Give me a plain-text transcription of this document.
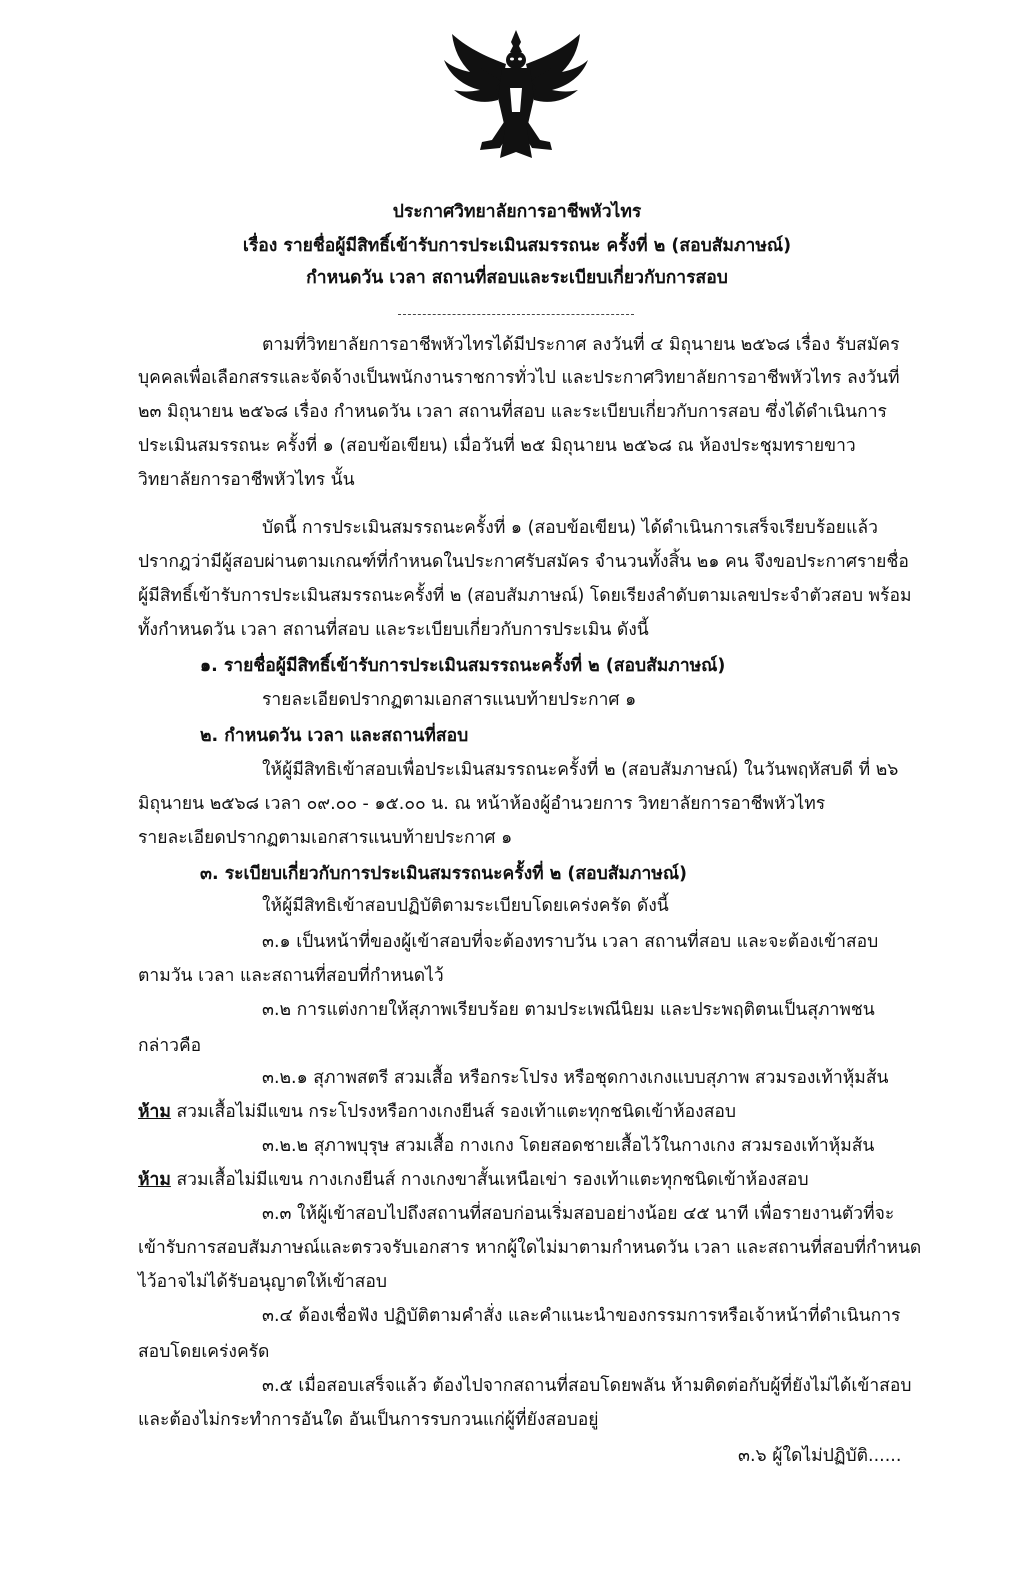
ประกาศวิทยาลัยการอาชีพหัวไทร
เรื่อง รายชื่อผู้มีสิทธิ์เข้ารับการประเมินสมรรถนะ ครั้งที่ ๒ (สอบสัมภาษณ์)
กำหนดวัน เวลา สถานที่สอบและระเบียบเกี่ยวกับการสอบ
ตามที่วิทยาลัยการอาชีพหัวไทรได้มีประกาศ ลงวันที่ ๔ มิถุนายน ๒๕๖๘ เรื่อง รับสมัคร
บุคคลเพื่อเลือกสรรและจัดจ้างเป็นพนักงานราชการทั่วไป และประกาศวิทยาลัยการอาชีพหัวไทร ลงวันที่
๒๓ มิถุนายน ๒๕๖๘ เรื่อง กำหนดวัน เวลา สถานที่สอบ และระเบียบเกี่ยวกับการสอบ ซึ่งได้ดำเนินการ
ประเมินสมรรถนะ ครั้งที่ ๑ (สอบข้อเขียน) เมื่อวันที่ ๒๕ มิถุนายน ๒๕๖๘ ณ ห้องประชุมทรายขาว
วิทยาลัยการอาชีพหัวไทร นั้น
บัดนี้ การประเมินสมรรถนะครั้งที่ ๑ (สอบข้อเขียน) ได้ดำเนินการเสร็จเรียบร้อยแล้ว
ปรากฎว่ามีผู้สอบผ่านตามเกณฑ์ที่กำหนดในประกาศรับสมัคร จำนวนทั้งสิ้น ๒๑ คน จึงขอประกาศรายชื่อ
ผู้มีสิทธิ์เข้ารับการประเมินสมรรถนะครั้งที่ ๒ (สอบสัมภาษณ์) โดยเรียงลำดับตามเลขประจำตัวสอบ พร้อม
ทั้งกำหนดวัน เวลา สถานที่สอบ และระเบียบเกี่ยวกับการประเมิน ดังนี้
๑. รายชื่อผู้มีสิทธิ์เข้ารับการประเมินสมรรถนะครั้งที่ ๒ (สอบสัมภาษณ์)
รายละเอียดปรากฏตามเอกสารแนบท้ายประกาศ ๑
๒. กำหนดวัน เวลา และสถานที่สอบ
ให้ผู้มีสิทธิเข้าสอบเพื่อประเมินสมรรถนะครั้งที่ ๒ (สอบสัมภาษณ์) ในวันพฤหัสบดี ที่ ๒๖
มิถุนายน ๒๕๖๘ เวลา ๐๙.๐๐ - ๑๕.๐๐ น. ณ หน้าห้องผู้อำนวยการ วิทยาลัยการอาชีพหัวไทร
รายละเอียดปรากฏตามเอกสารแนบท้ายประกาศ ๑
๓. ระเบียบเกี่ยวกับการประเมินสมรรถนะครั้งที่ ๒ (สอบสัมภาษณ์)
ให้ผู้มีสิทธิเข้าสอบปฏิบัติตามระเบียบโดยเคร่งครัด ดังนี้
๓.๑ เป็นหน้าที่ของผู้เข้าสอบที่จะต้องทราบวัน เวลา สถานที่สอบ และจะต้องเข้าสอบ
ตามวัน เวลา และสถานที่สอบที่กำหนดไว้
๓.๒ การแต่งกายให้สุภาพเรียบร้อย ตามประเพณีนิยม และประพฤติตนเป็นสุภาพชน
กล่าวคือ
๓.๒.๑ สุภาพสตรี สวมเสื้อ หรือกระโปรง หรือชุดกางเกงแบบสุภาพ สวมรองเท้าหุ้มส้น
ห้าม สวมเสื้อไม่มีแขน กระโปรงหรือกางเกงยีนส์ รองเท้าแตะทุกชนิดเข้าห้องสอบ
๓.๒.๒ สุภาพบุรุษ สวมเสื้อ กางเกง โดยสอดชายเสื้อไว้ในกางเกง สวมรองเท้าหุ้มส้น
ห้าม สวมเสื้อไม่มีแขน กางเกงยีนส์ กางเกงขาสั้นเหนือเข่า รองเท้าแตะทุกชนิดเข้าห้องสอบ
๓.๓ ให้ผู้เข้าสอบไปถึงสถานที่สอบก่อนเริ่มสอบอย่างน้อย ๔๕ นาที เพื่อรายงานตัวที่จะ
เข้ารับการสอบสัมภาษณ์และตรวจรับเอกสาร หากผู้ใดไม่มาตามกำหนดวัน เวลา และสถานที่สอบที่กำหนด
ไว้อาจไม่ได้รับอนุญาตให้เข้าสอบ
๓.๔ ต้องเชื่อฟัง ปฏิบัติตามคำสั่ง และคำแนะนำของกรรมการหรือเจ้าหน้าที่ดำเนินการ
สอบโดยเคร่งครัด
๓.๕ เมื่อสอบเสร็จแล้ว ต้องไปจากสถานที่สอบโดยพลัน ห้ามติดต่อกับผู้ที่ยังไม่ได้เข้าสอบ
และต้องไม่กระทำการอันใด อันเป็นการรบกวนแก่ผู้ที่ยังสอบอยู่
๓.๖ ผู้ใดไม่ปฏิบัติ......
